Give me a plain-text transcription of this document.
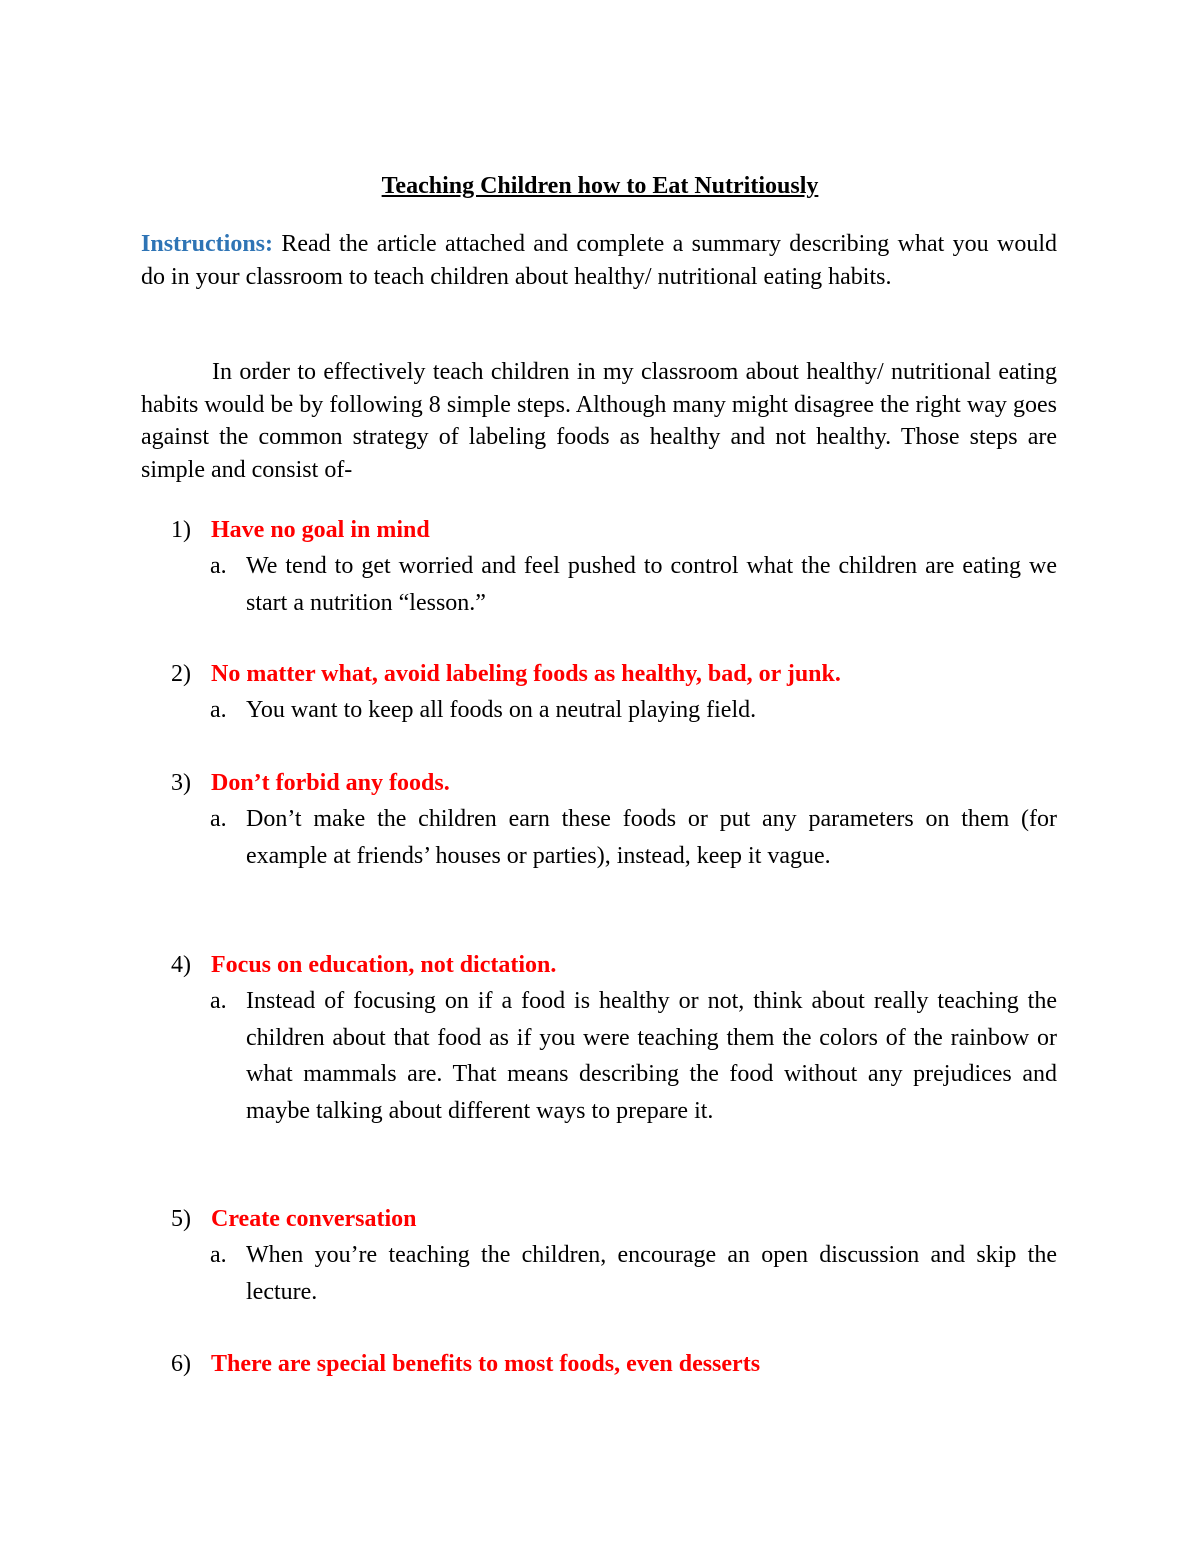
Teaching Children how to Eat Nutritiously
Instructions: Read the article attached and complete a summary describing what you would do in your classroom to teach children about healthy/ nutritional eating habits.
In order to effectively teach children in my classroom about healthy/ nutritional eating habits would be by following 8 simple steps. Although many might disagree the right way goes against the common strategy of labeling foods as healthy and not healthy. Those steps are simple and consist of-
1) Have no goal in mind
a. We tend to get worried and feel pushed to control what the children are eating we start a nutrition “lesson.”
2) No matter what, avoid labeling foods as healthy, bad, or junk.
a. You want to keep all foods on a neutral playing field.
3) Don’t forbid any foods.
a. Don’t make the children earn these foods or put any parameters on them (for example at friends’ houses or parties), instead, keep it vague.
4) Focus on education, not dictation.
a. Instead of focusing on if a food is healthy or not, think about really teaching the children about that food as if you were teaching them the colors of the rainbow or what mammals are. That means describing the food without any prejudices and maybe talking about different ways to prepare it.
5) Create conversation
a. When you’re teaching the children, encourage an open discussion and skip the lecture.
6) There are special benefits to most foods, even desserts
